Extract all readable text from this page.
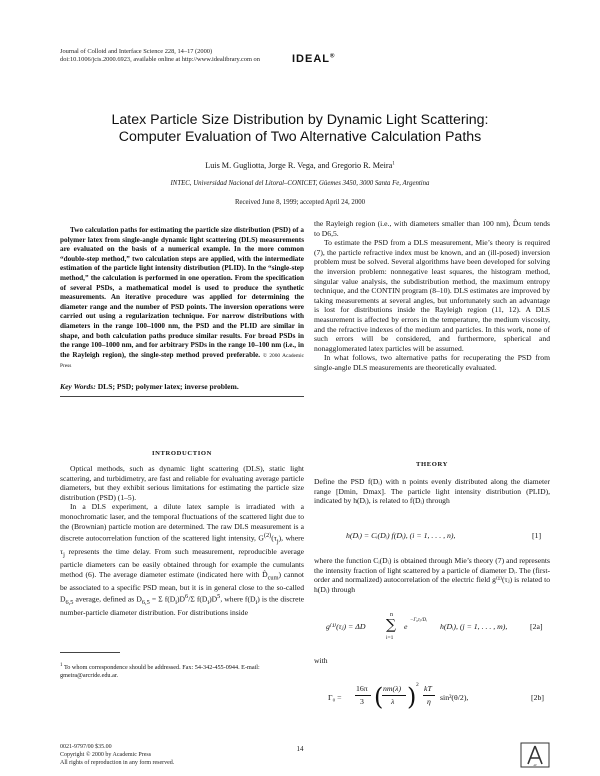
Journal of Colloid and Interface Science 228, 14–17 (2000)
doi:10.1006/jcis.2000.6923, available online at http://www.idealibrary.com on	IDEAL®
Latex Particle Size Distribution by Dynamic Light Scattering:
Computer Evaluation of Two Alternative Calculation Paths
Luis M. Gugliotta, Jorge R. Vega, and Gregorio R. Meira$^1$
INTEC, Universidad Nacional del Litoral–CONICET, Güemes 3450, 3000 Santa Fe, Argentina
Received June 8, 1999; accepted April 24, 2000
Two calculation paths for estimating the particle size distribution (PSD) of a polymer latex from single-angle dynamic light scattering (DLS) measurements are evaluated on the basis of a numerical example. In the more common “double-step method,” two calculation steps are applied, with the intermediate estimation of the particle light intensity distribution (PLID). In the “single-step method,” the calculation is performed in one operation. From the specification of several PSDs, a mathematical model is used to produce the synthetic measurements. An iterative procedure was applied for determining the diameter range and the number of PSD points. The inversion operations were carried out using a regularization technique. For narrow distributions with diameters in the range 100–1000 nm, the PSD and the PLID are similar in shape, and both calculation paths produce similar results. For broad PSDs in the range 100–1000 nm, and for arbitrary PSDs in the range 10–100 nm (i.e., in the Rayleigh region), the single-step method proved preferable. © 2000 Academic Press
Key Words: DLS; PSD; polymer latex; inverse problem.
INTRODUCTION

Optical methods, such as dynamic light scattering (DLS), static light scattering, and turbidimetry, are fast and reliable for evaluating average particle diameters, but they exhibit serious limitations for estimating the particle size distribution (PSD) (1–5).

In a DLS experiment, a dilute latex sample is irradiated with a monochromatic laser, and the temporal fluctuations of the scattered light due to the (Brownian) particle motion are determined. The raw DLS measurement is a discrete autocorrelation function of the scattered light intensity, $G^{(2)}(\tau_j)$, where $\tau_j$ represents the time delay. From such measurement, reproducible average particle diameters can be easily obtained through for example the cumulants method (6). The average diameter estimate (indicated here with $D̂_{cum}$) cannot be associated to a specific PSD mean, but it is in general close to the so-called $D_{6,5}$ average, defined as $D_{6,5} = \Sigma$ $f(D_i)D^6/\Sigma$ $f(D_i)D^5$, where $f(D_i)$ is the discrete number-particle diameter distribution. For distributions inside

$^1$ To whom correspondence should be addressed. Fax: 54-342-455-0944. E-mail: gmeira@arcride.edu.ar.
0021-9797/00 $35.00
Copyright © 2000 by Academic Press
All rights of reproduction in any form reserved.
14
AP

the Rayleigh region (i.e., with diameters smaller than 100 nm), D̂cum tends to D6,5.

To estimate the PSD from a DLS measurement, Mie’s theory is required (7), the particle refractive index must be known, and an (ill-posed) inversion problem must be solved. Several algorithms have been developed for solving the inversion problem: nonnegative least squares, the histogram method, singular value analysis, the subdistribution method, the maximum entropy technique, and the CONTIN program (8–10). DLS estimates are improved by taking measurements at several angles, but unfortunately such an advantage is lost for distributions inside the Rayleigh region (11, 12). A DLS measurement is affected by errors in the temperature, the medium viscosity, and the refractive indexes of the medium and particles. In this work, none of such errors will be considered, and furthermore, spherical and nonagglomerated latex particles will be assumed.

In what follows, two alternative paths for recuperating the PSD from single-angle DLS measurements are theoretically evaluated.

THEORY
Define the PSD f(Dᵢ) with n points evenly distributed along the diameter range [Dmin, Dmax]. The particle light intensity distribution (PLID), indicated by h(Dᵢ), is related to f(Dᵢ) through
h(Dᵢ) = Cᵢ(Dᵢ) f(Dᵢ), (i = 1, . . . , n),	[1]
where the function Cᵢ(Dᵢ) is obtained through Mie’s theory (7) and represents the intensity fraction of light scattered by a particle of diameter Dᵢ. The (first-order and normalized) autocorrelation of the electric field g⁽¹⁾(τⱼ) is related to h(Dᵢ) through
g⁽¹⁾(τⱼ) = ΔD
n
∑
i=1
e
−Γ₀τⱼ/Dᵢ
h(Dᵢ), (j = 1, . . . , m),	[2a]
with
Γ₀ =
16π
3 ( nm(λ)
λ ) 2 kT
η sin²(θ/2),	[2b]
